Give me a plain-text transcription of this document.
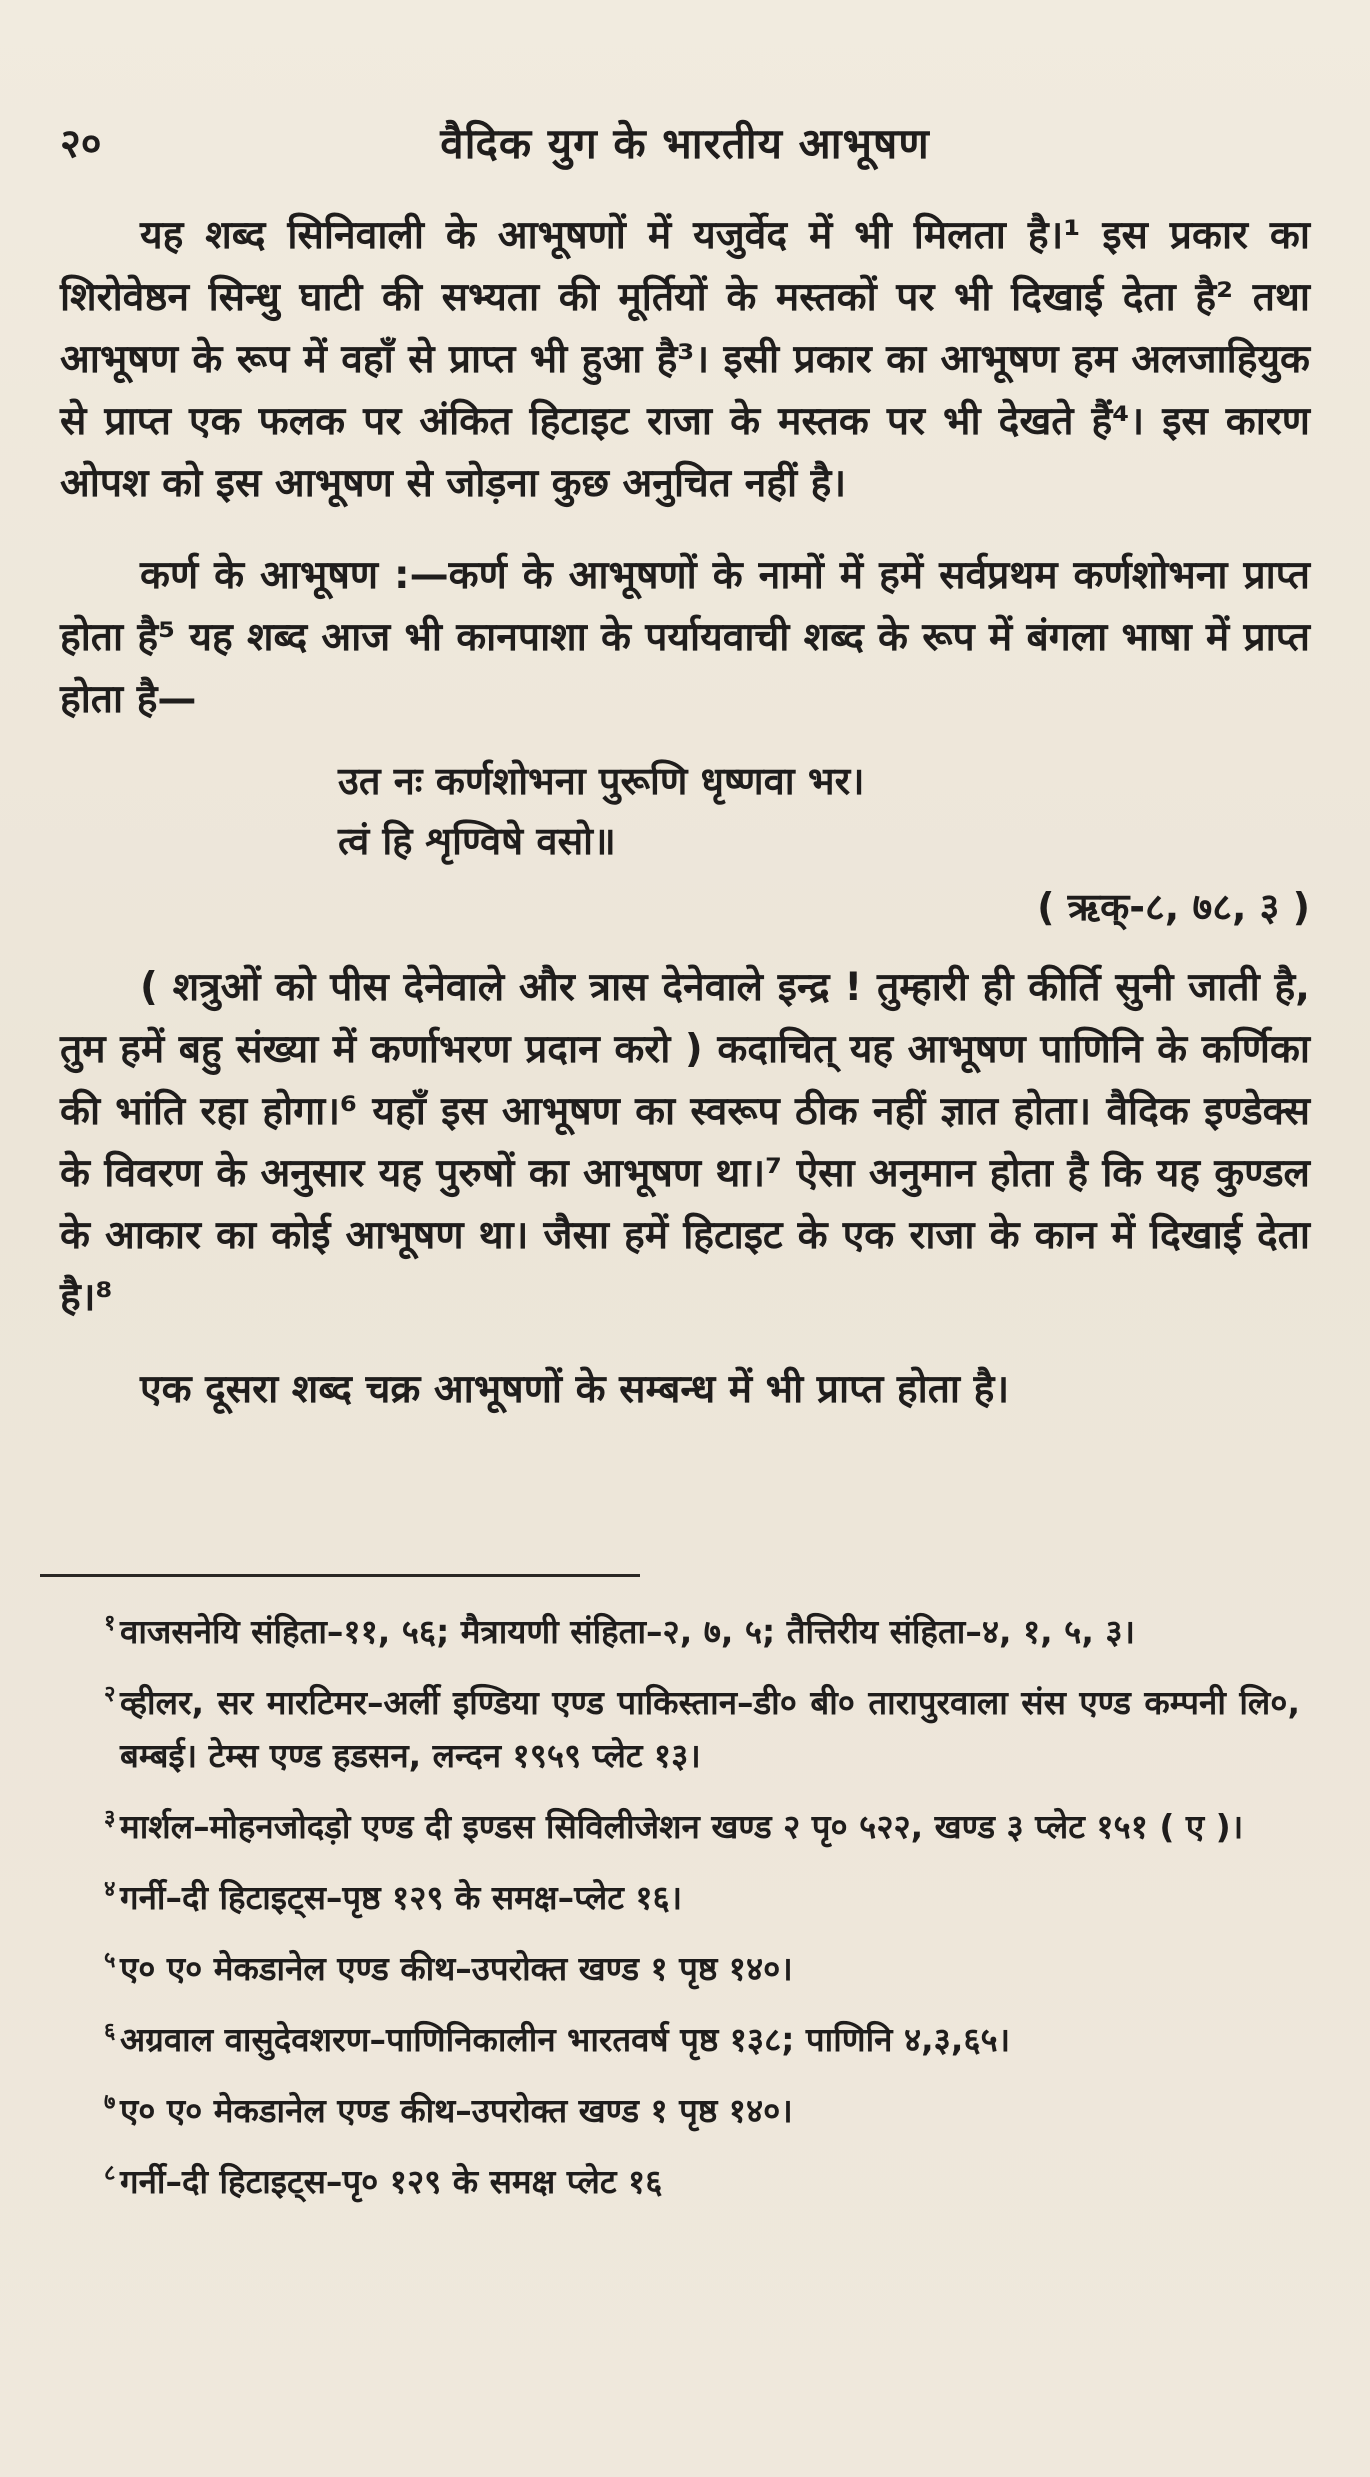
२०	वैदिक युग के भारतीय आभूषण

यह शब्द सिनिवाली के आभूषणों में यजुर्वेद में भी मिलता है।¹ इस प्रकार का शिरोवेष्ठन सिन्धु घाटी की सभ्यता की मूर्तियों के मस्तकों पर भी दिखाई देता है² तथा आभूषण के रूप में वहाँ से प्राप्त भी हुआ है³। इसी प्रकार का आभूषण हम अलजाहियुक से प्राप्त एक फलक पर अंकित हिटाइट राजा के मस्तक पर भी देखते हैं⁴। इस कारण ओपश को इस आभूषण से जोड़ना कुछ अनुचित नहीं है।

कर्ण के आभूषण :—कर्ण के आभूषणों के नामों में हमें सर्वप्रथम कर्णशोभना प्राप्त होता है⁵ यह शब्द आज भी कानपाशा के पर्यायवाची शब्द के रूप में बंगला भाषा में प्राप्त होता है—

उत नः कर्णशोभना पुरूणि धृष्णवा भर।
त्वं हि शृण्विषे वसो॥
( ऋक्-८, ७८, ३ )

( शत्रुओं को पीस देनेवाले और त्रास देनेवाले इन्द्र ! तुम्हारी ही कीर्ति सुनी जाती है, तुम हमें बहु संख्या में कर्णाभरण प्रदान करो ) कदाचित् यह आभूषण पाणिनि के कर्णिका की भांति रहा होगा।⁶ यहाँ इस आभूषण का स्वरूप ठीक नहीं ज्ञात होता। वैदिक इण्डेक्स के विवरण के अनुसार यह पुरुषों का आभूषण था।⁷ ऐसा अनुमान होता है कि यह कुण्डल के आकार का कोई आभूषण था। जैसा हमें हिटाइट के एक राजा के कान में दिखाई देता है।⁸

एक दूसरा शब्द चक्र आभूषणों के सम्बन्ध में भी प्राप्त होता है।

१ वाजसनेयि संहिता–११, ५६; मैत्रायणी संहिता–२, ७, ५; तैत्तिरीय संहिता–४, १, ५, ३।
२ व्हीलर, सर मारटिमर–अर्ली इण्डिया एण्ड पाकिस्तान–डी० बी० तारापुरवाला संस एण्ड कम्पनी लि०, बम्बई। टेम्स एण्ड हडसन, लन्दन १९५९ प्लेट १३।
३ मार्शल–मोहनजोदड़ो एण्ड दी इण्डस सिविलीजेशन खण्ड २ पृ० ५२२, खण्ड ३ प्लेट १५१ ( ए )।
४ गर्नी–दी हिटाइट्स–पृष्ठ १२९ के समक्ष–प्लेट १६।
५ ए० ए० मेकडानेल एण्ड कीथ–उपरोक्त खण्ड १ पृष्ठ १४०।
६ अग्रवाल वासुदेवशरण–पाणिनिकालीन भारतवर्ष पृष्ठ १३८; पाणिनि ४,३,६५।
७ ए० ए० मेकडानेल एण्ड कीथ–उपरोक्त खण्ड १ पृष्ठ १४०।
८ गर्नी–दी हिटाइट्स–पृ० १२९ के समक्ष प्लेट १६
